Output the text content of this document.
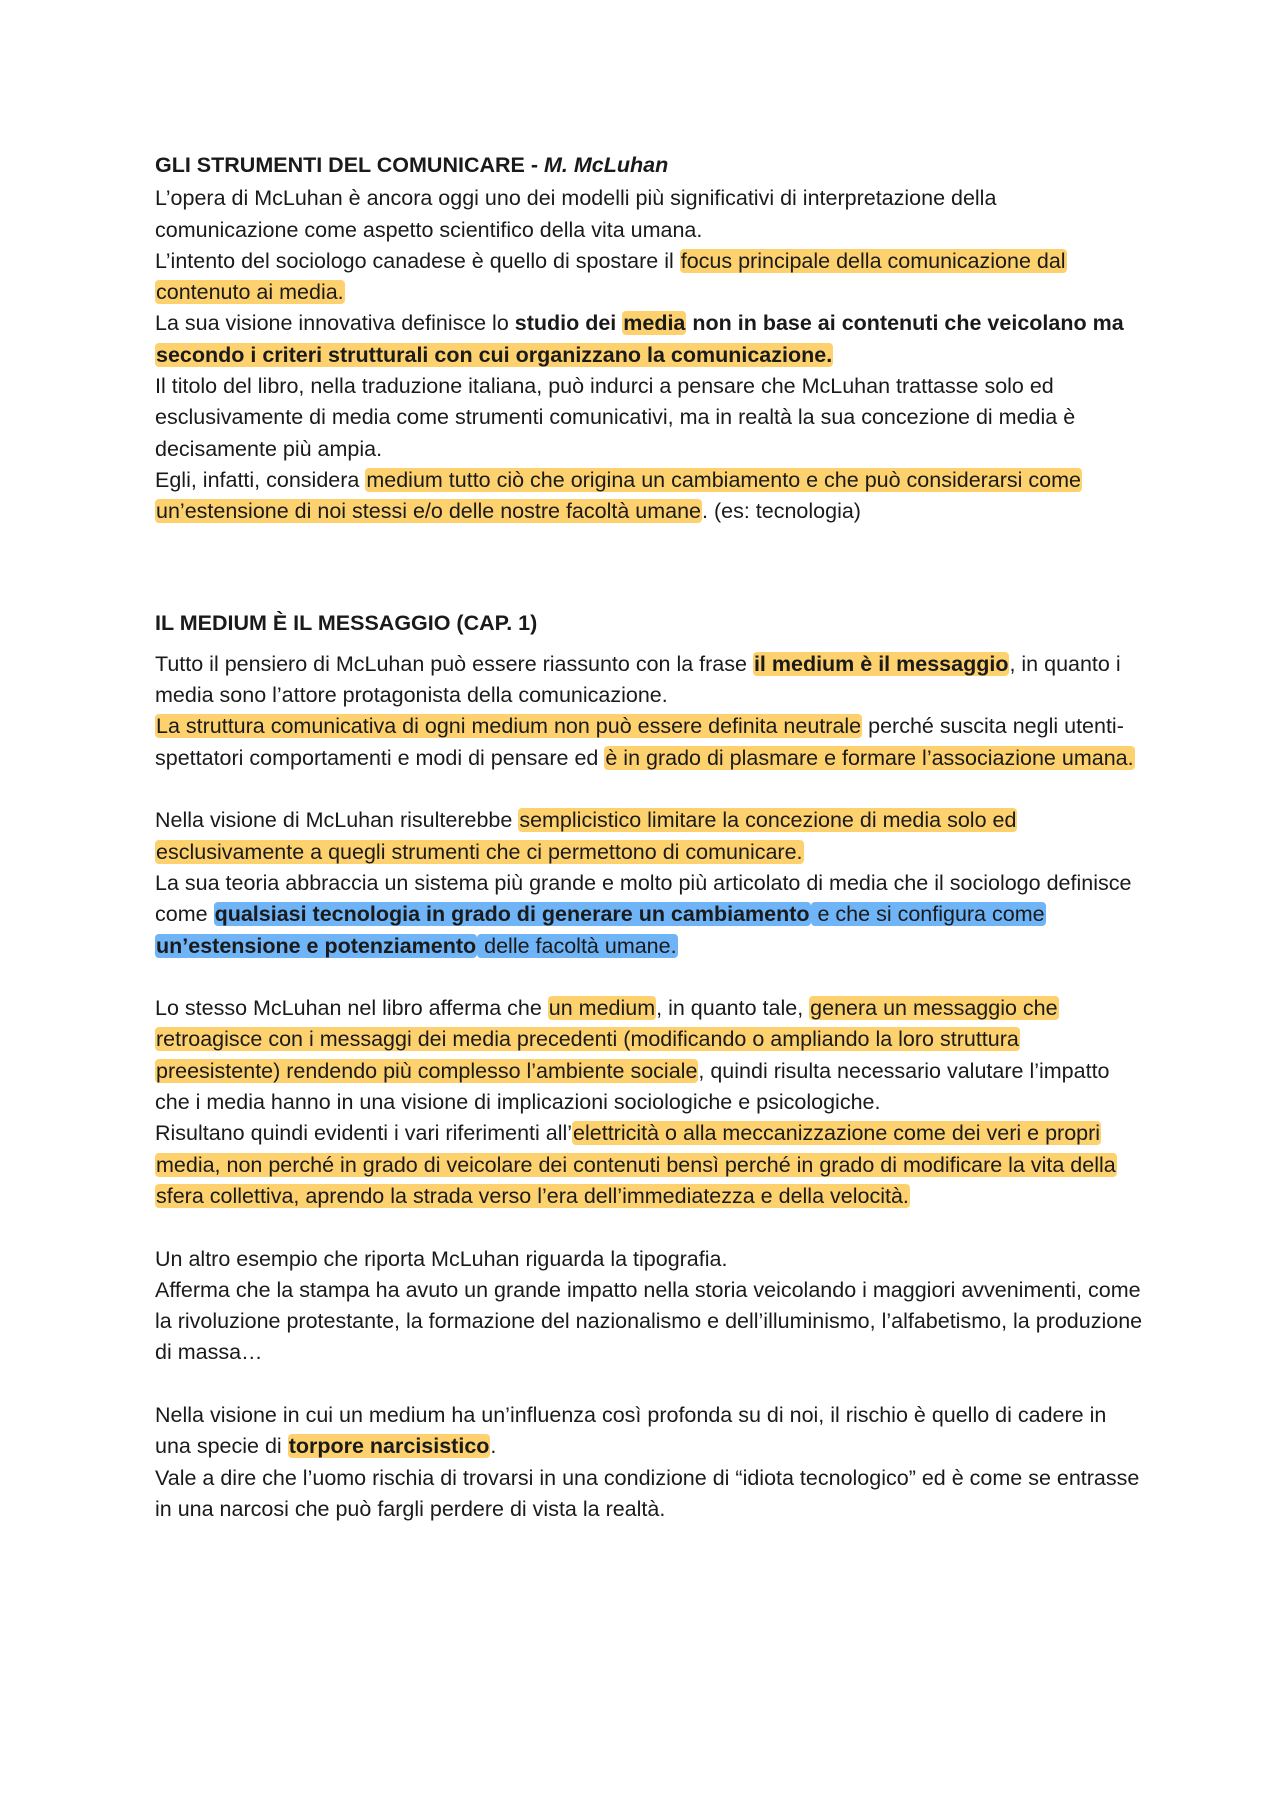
GLI STRUMENTI DEL COMUNICARE - M. McLuhan

L’opera di McLuhan è ancora oggi uno dei modelli più significativi di interpretazione della comunicazione come aspetto scientifico della vita umana.

L’intento del sociologo canadese è quello di spostare il focus principale della comunicazione dal contenuto ai media.

La sua visione innovativa definisce lo studio dei media non in base ai contenuti che veicolano ma secondo i criteri strutturali con cui organizzano la comunicazione.

Il titolo del libro, nella traduzione italiana, può indurci a pensare che McLuhan trattasse solo ed esclusivamente di media come strumenti comunicativi, ma in realtà la sua concezione di media è decisamente più ampia.

Egli, infatti, considera medium tutto ciò che origina un cambiamento e che può considerarsi come un’estensione di noi stessi e/o delle nostre facoltà umane. (es: tecnologia)

IL MEDIUM È IL MESSAGGIO (CAP. 1)

Tutto il pensiero di McLuhan può essere riassunto con la frase il medium è il messaggio, in quanto i media sono l’attore protagonista della comunicazione.

La struttura comunicativa di ogni medium non può essere definita neutrale perché suscita negli utenti-spettatori comportamenti e modi di pensare ed è in grado di plasmare e formare l’associazione umana.

Nella visione di McLuhan risulterebbe semplicistico limitare la concezione di media solo ed esclusivamente a quegli strumenti che ci permettono di comunicare.

La sua teoria abbraccia un sistema più grande e molto più articolato di media che il sociologo definisce come qualsiasi tecnologia in grado di generare un cambiamento e che si configura come un’estensione e potenziamento delle facoltà umane.

Lo stesso McLuhan nel libro afferma che un medium, in quanto tale, genera un messaggio che retroagisce con i messaggi dei media precedenti (modificando o ampliando la loro struttura preesistente) rendendo più complesso l’ambiente sociale, quindi risulta necessario valutare l’impatto che i media hanno in una visione di implicazioni sociologiche e psicologiche.

Risultano quindi evidenti i vari riferimenti all’elettricità o alla meccanizzazione come dei veri e propri media, non perché in grado di veicolare dei contenuti bensì perché in grado di modificare la vita della sfera collettiva, aprendo la strada verso l’era dell’immediatezza e della velocità.

Un altro esempio che riporta McLuhan riguarda la tipografia.

Afferma che la stampa ha avuto un grande impatto nella storia veicolando i maggiori avvenimenti, come la rivoluzione protestante, la formazione del nazionalismo e dell’illuminismo, l’alfabetismo, la produzione di massa…

Nella visione in cui un medium ha un’influenza così profonda su di noi, il rischio è quello di cadere in una specie di torpore narcisistico.

Vale a dire che l’uomo rischia di trovarsi in una condizione di “idiota tecnologico” ed è come se entrasse in una narcosi che può fargli perdere di vista la realtà.
